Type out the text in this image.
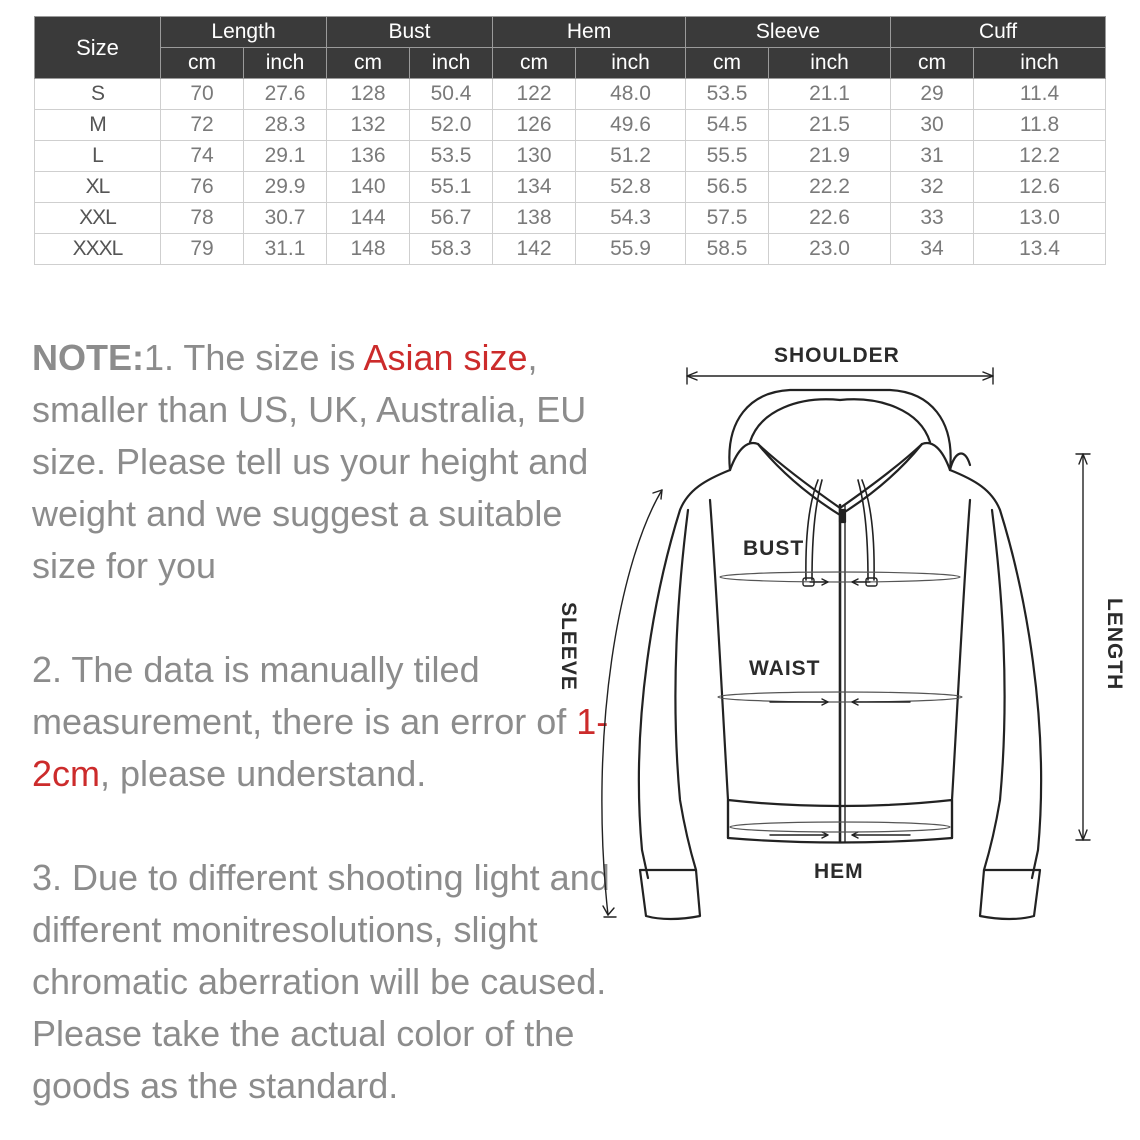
Size	Length		Bust		Hem		Sleeve		Cuff	
	cm	inch	cm	inch	cm	inch	cm	inch	cm	inch
S	70	27.6	128	50.4	122	48.0	53.5	21.1	29	11.4
M	72	28.3	132	52.0	126	49.6	54.5	21.5	30	11.8
L	74	29.1	136	53.5	130	51.2	55.5	21.9	31	12.2
XL	76	29.9	140	55.1	134	52.8	56.5	22.2	32	12.6
XXL	78	30.7	144	56.7	138	54.3	57.5	22.6	33	13.0
XXXL	79	31.1	148	58.3	142	55.9	58.5	23.0	34	13.4

NOTE:1. The size is Asian size, smaller than US, UK, Australia, EU size. Please tell us your height and weight and we suggest a suitable size for you

2. The data is manually tiled measurement, there is an error of 1-2cm, please understand.

3. Due to different shooting light and different monitresolutions, slight chromatic aberration will be caused. Please take the actual color of the goods as the standard.

SHOULDER
BUST
WAIST
HEM
SLEEVE	LENGTH
